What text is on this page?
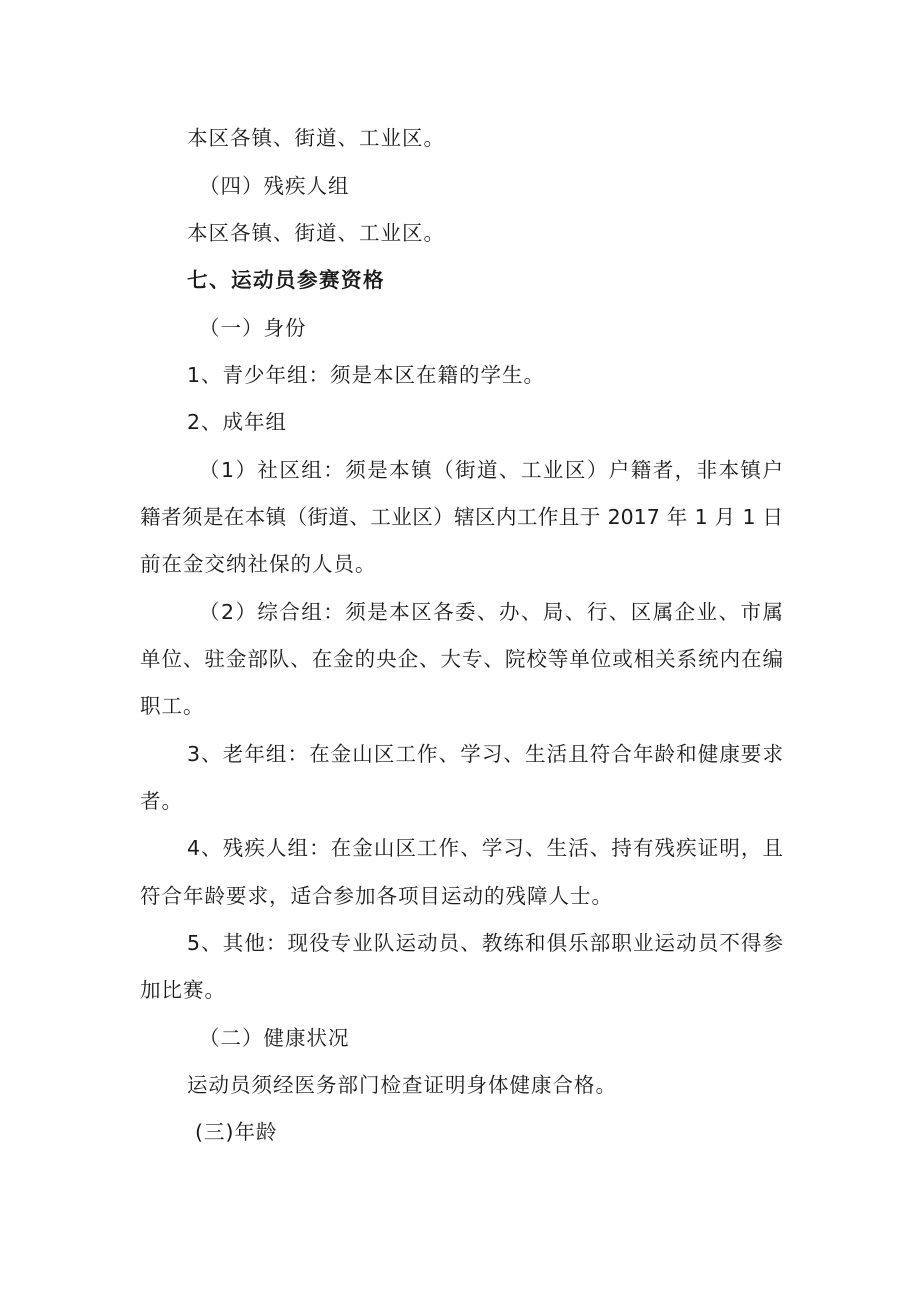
本区各镇、街道、工业区。
（四）残疾人组
本区各镇、街道、工业区。
七、运动员参赛资格
（一）身份
1、青少年组：须是本区在籍的学生。
2、成年组
（1）社区组：须是本镇（街道、工业区）户籍者，非本镇户
籍者须是在本镇（街道、工业区）辖区内工作且于 2017 年 1 月 1 日
前在金交纳社保的人员。
（2）综合组：须是本区各委、办、局、行、区属企业、市属
单位、驻金部队、在金的央企、大专、院校等单位或相关系统内在编
职工。
3、老年组：在金山区工作、学习、生活且符合年龄和健康要求
者。
4、残疾人组：在金山区工作、学习、生活、持有残疾证明，且
符合年龄要求，适合参加各项目运动的残障人士。
5、其他：现役专业队运动员、教练和俱乐部职业运动员不得参
加比赛。
（二）健康状况
运动员须经医务部门检查证明身体健康合格。
(三)年龄
